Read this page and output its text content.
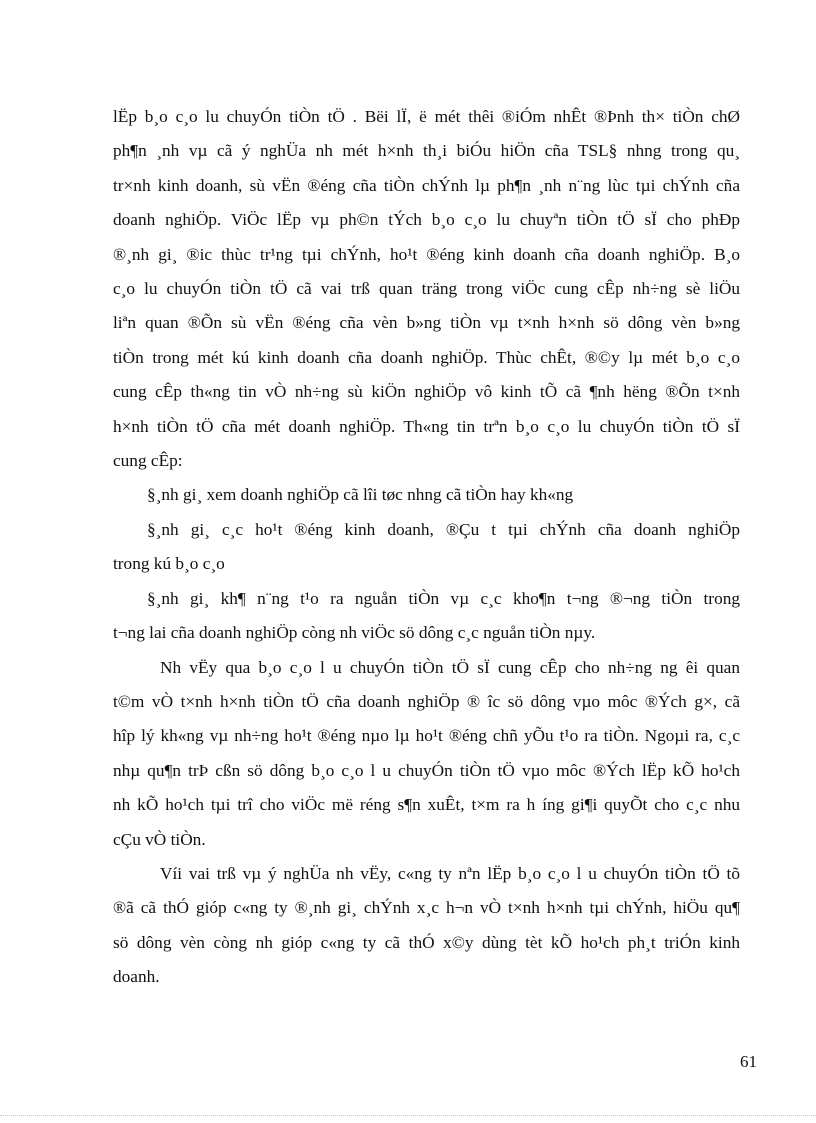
lËp b¸o c¸o lu chuyÓn tiÒn tÖ . Bëi lÏ, ë mét thêi ®iÓm nhÊt ®Þnh th× tiÒn chØ
ph¶n ¸nh vµ cã ý nghÜa nh mét h×nh th¸i biÓu hiÖn cña TSL§ nhng trong qu¸
tr×nh kinh doanh, sù vËn ®éng cña tiÒn chÝnh lµ ph¶n ¸nh n¨ng lùc tµi chÝnh cña
doanh nghiÖp. ViÖc lËp vµ ph©n tÝch b¸o c¸o lu chuyªn tiÒn tÖ sÏ cho phÐp
®¸nh gi¸ ®ic thùc tr¹ng tµi chÝnh, ho¹t ®éng kinh doanh cña doanh nghiÖp. B¸o
c¸o lu chuyÓn tiÒn tÖ cã vai trß quan träng trong viÖc cung cÊp nh÷ng sè liÖu
liªn quan ®Õn sù vËn ®éng cña vèn b»ng tiÒn vµ t×nh h×nh sö dông vèn b»ng
tiÒn trong mét kú kinh doanh cña doanh nghiÖp. Thùc chÊt, ®©y lµ mét b¸o c¸o
cung cÊp th«ng tin vÒ nh÷ng sù kiÖn nghiÖp vô kinh tÕ cã ¶nh hëng ®Õn t×nh
h×nh tiÒn tÖ cña mét doanh nghiÖp. Th«ng tin trªn b¸o c¸o lu chuyÓn tiÒn tÖ sÏ
cung cÊp:

§¸nh gi¸ xem doanh nghiÖp cã lîi tøc nhng cã tiÒn hay kh«ng

§¸nh gi¸ c¸c ho¹t ®éng kinh doanh, ®Çu t tµi chÝnh cña doanh nghiÖp
trong kú b¸o c¸o

§¸nh gi¸ kh¶ n¨ng t¹o ra nguån tiÒn vµ c¸c kho¶n t¬ng ®¬ng tiÒn trong
t¬ng lai cña doanh nghiÖp còng nh viÖc sö dông c¸c nguån tiÒn nµy.

Nh vËy qua b¸o c¸o l u chuyÓn tiÒn tÖ sÏ cung cÊp cho nh÷ng ng êi quan
t©m vÒ t×nh h×nh tiÒn tÖ cña doanh nghiÖp ® îc sö dông vµo môc ®Ých g×, cã
hîp lý kh«ng vµ nh÷ng ho¹t ®éng nµo lµ ho¹t ®éng chñ yÕu t¹o ra tiÒn. Ngoµi ra, c¸c
nhµ qu¶n trÞ cßn sö dông b¸o c¸o l u chuyÓn tiÒn tÖ vµo môc ®Ých lËp kÕ ho¹ch
nh kÕ ho¹ch tµi trî cho viÖc më réng s¶n xuÊt, t×m ra h íng gi¶i quyÕt cho c¸c nhu
cÇu vÒ tiÒn.

Víi vai trß vµ ý nghÜa nh vËy, c«ng ty nªn lËp b¸o c¸o l u chuyÓn tiÒn tÖ tõ
®ã cã thÓ gióp c«ng ty ®¸nh gi¸ chÝnh x¸c h¬n vÒ t×nh h×nh tµi chÝnh, hiÖu qu¶
sö dông vèn còng nh gióp c«ng ty cã thÓ x©y dùng tèt kÕ ho¹ch ph¸t triÓn kinh
doanh.

61
